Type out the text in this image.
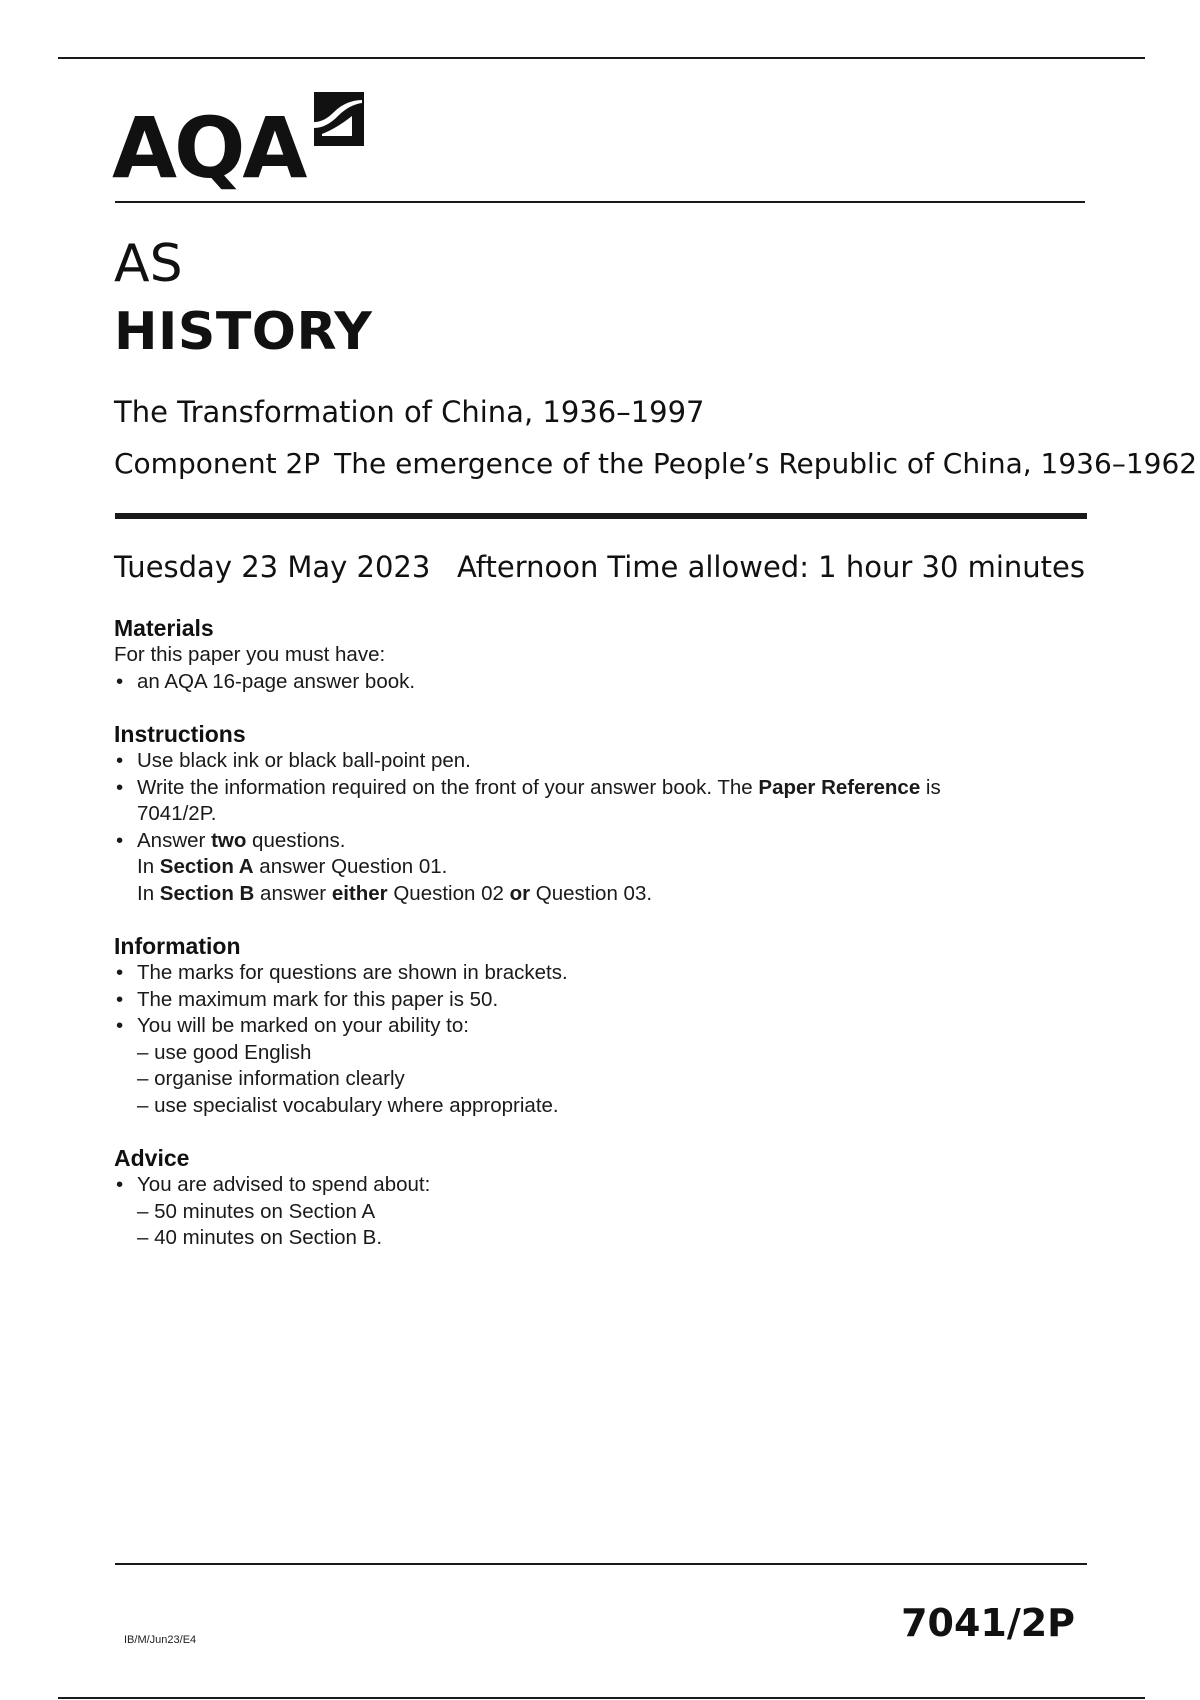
AQA
AS
HISTORY
The Transformation of China, 1936–1997
Component 2P The emergence of the People’s Republic of China, 1936–1962
Tuesday 23 May 2023 Afternoon Time allowed: 1 hour 30 minutes
Materials

For this paper you must have:

• an AQA 16-page answer book.
Instructions
• Use black ink or black ball-point pen.
• Write the information required on the front of your answer book. The Paper Reference is
7041/2P.
• Answer two questions.
In Section A answer Question 01.
In Section B answer either Question 02 or Question 03.
Information
• The marks for questions are shown in brackets.
• The maximum mark for this paper is 50.
• You will be marked on your ability to:
– use good English
– organise information clearly
– use specialist vocabulary where appropriate.
Advice
• You are advised to spend about:
– 50 minutes on Section A
– 40 minutes on Section B.
IB/M/Jun23/E4	7041/2P
